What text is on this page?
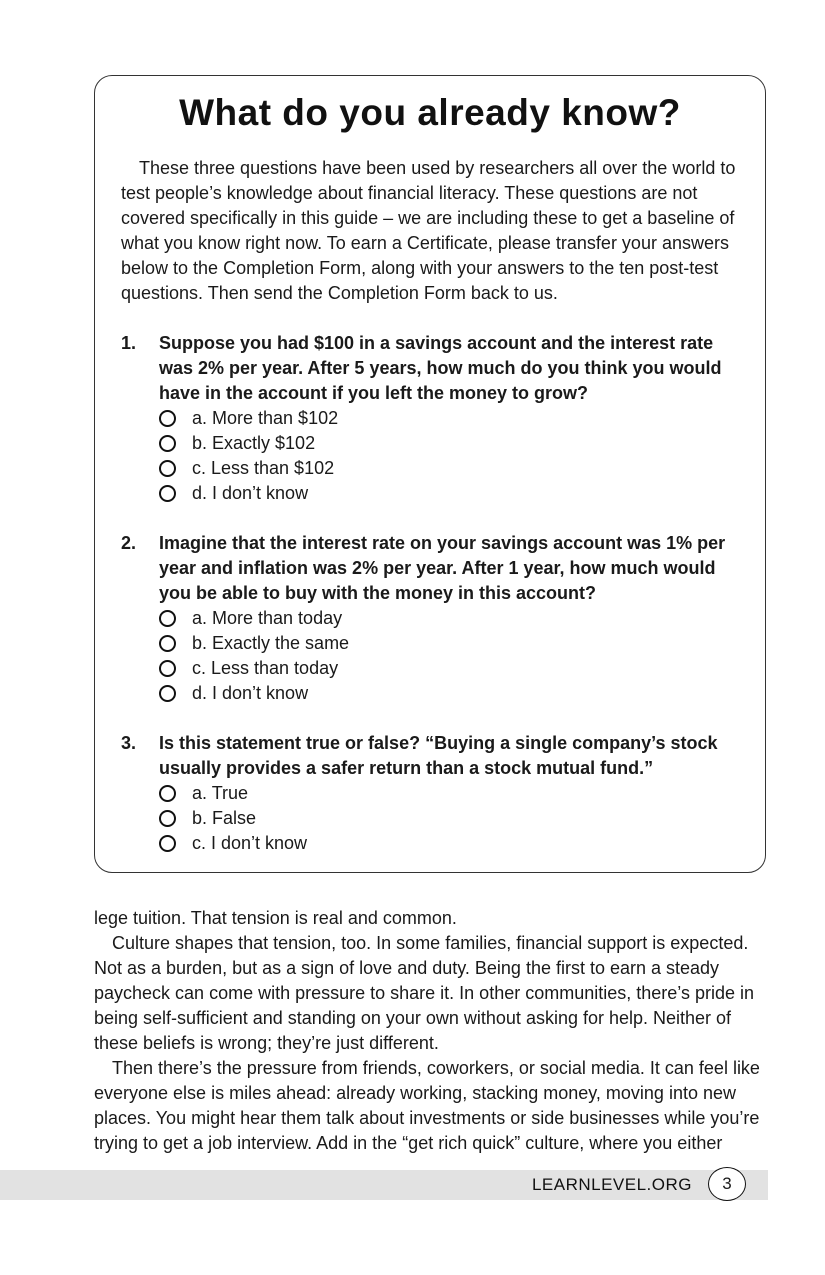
What do you already know?

These three questions have been used by researchers all over the world to test people’s knowledge about financial literacy. These questions are not covered specifically in this guide – we are including these to get a baseline of what you know right now. To earn a Certificate, please transfer your answers below to the Completion Form, along with your answers to the ten post-test questions. Then send the Completion Form back to us.

1. Suppose you had $100 in a savings account and the interest rate was 2% per year. After 5 years, how much do you think you would have in the account if you left the money to grow?
a. More than $102
b. Exactly $102
c. Less than $102
d. I don’t know
2. Imagine that the interest rate on your savings account was 1% per year and inflation was 2% per year. After 1 year, how much would you be able to buy with the money in this account?
a. More than today
b. Exactly the same
c. Less than today
d. I don’t know
3. Is this statement true or false? “Buying a single company’s stock usually provides a safer return than a stock mutual fund.”
a. True
b. False
c. I don’t know

lege tuition. That tension is real and common.

Culture shapes that tension, too. In some families, financial support is expected. Not as a burden, but as a sign of love and duty. Being the first to earn a steady paycheck can come with pressure to share it. In other communities, there’s pride in being self-sufficient and standing on your own without asking for help. Neither of these beliefs is wrong; they’re just different.

Then there’s the pressure from friends, coworkers, or social media. It can feel like everyone else is miles ahead: already working, stacking money, moving into new places. You might hear them talk about investments or side businesses while you’re trying to get a job interview. Add in the “get rich quick” culture, where you either

LEARNLEVEL.ORG	3
